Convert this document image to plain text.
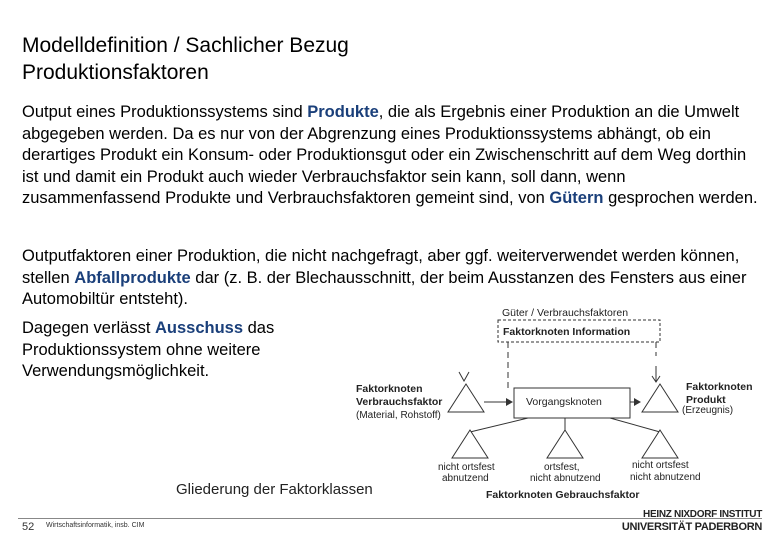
Modelldefinition / Sachlicher Bezug
Produktionsfaktoren
Output eines Produktionssystems sind Produkte, die als Ergebnis einer Produktion an die Umwelt abgegeben werden. Da es nur von der Abgrenzung eines Produktionssystems abhängt, ob ein derartiges Produkt ein Konsum- oder Produktionsgut oder ein Zwischenschritt auf dem Weg dorthin ist und damit ein Produkt auch wieder Verbrauchsfaktor sein kann, soll dann, wenn zusammenfassend Produkte und Verbrauchsfaktoren gemeint sind, von Gütern gesprochen werden.
Outputfaktoren einer Produktion, die nicht nachgefragt, aber ggf. weiterverwendet werden können, stellen Abfallprodukte dar (z. B. der Blechausschnitt, der beim Ausstanzen des Fensters aus einer Automobiltür entsteht).
Dagegen verlässt Ausschuss das Produktionssystem ohne weitere Verwendungsmöglichkeit.
Güter / Verbrauchsfaktoren
Faktorknoten Information
Faktorknoten
Verbrauchsfaktor
(Material, Rohstoff)
Vorgangsknoten
Faktorknoten
Produkt
(Erzeugnis)
nicht ortsfest
abnutzend
ortsfest,
nicht abnutzend
nicht ortsfest
nicht abnutzend
Faktorknoten Gebrauchsfaktor
Gliederung der Faktorklassen
52 Wirtschaftsinformatik, insb. CIM
HEINZ NIXDORF INSTITUT
UNIVERSITÄT PADERBORN
